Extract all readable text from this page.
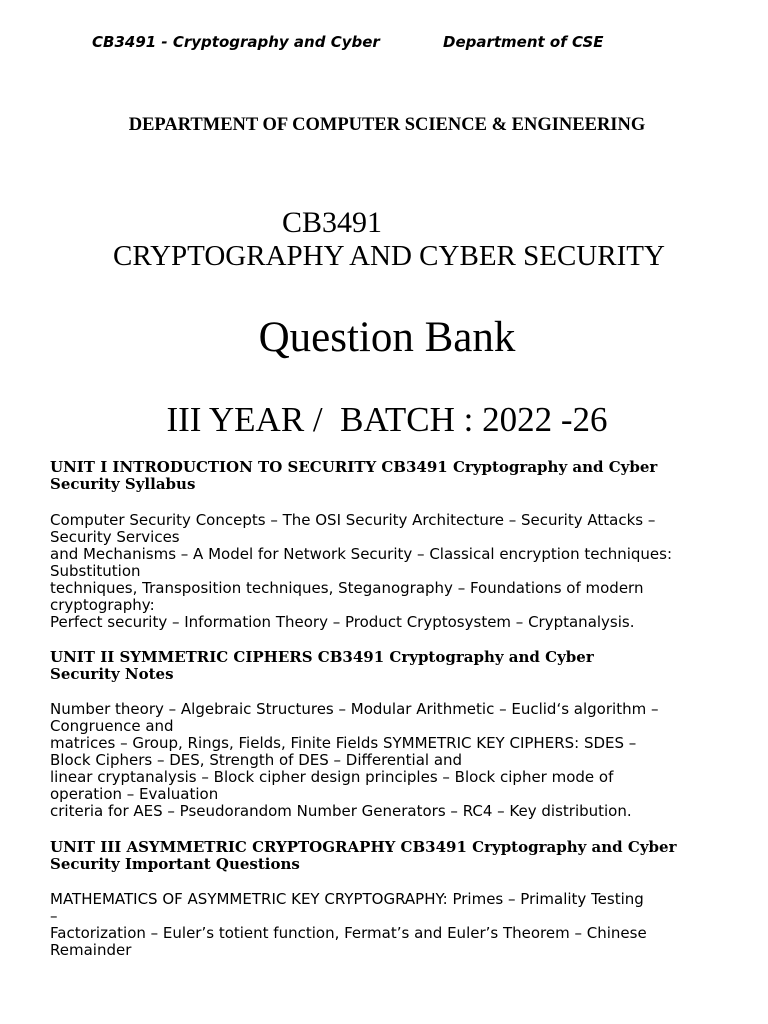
CB3491 - Cryptography and Cyber	Department of CSE
DEPARTMENT OF COMPUTER SCIENCE & ENGINEERING
CB3491
CRYPTOGRAPHY AND CYBER SECURITY
Question Bank
III YEAR /  BATCH : 2022 -26
UNIT I INTRODUCTION TO SECURITY CB3491 Cryptography and Cyber
Security Syllabus
Computer Security Concepts – The OSI Security Architecture – Security Attacks –
Security Services
and Mechanisms – A Model for Network Security – Classical encryption techniques:
Substitution
techniques, Transposition techniques, Steganography – Foundations of modern
cryptography:
Perfect security – Information Theory – Product Cryptosystem – Cryptanalysis.
UNIT II SYMMETRIC CIPHERS CB3491 Cryptography and Cyber
Security Notes
Number theory – Algebraic Structures – Modular Arithmetic – Euclid‘s algorithm –
Congruence and
matrices – Group, Rings, Fields, Finite Fields SYMMETRIC KEY CIPHERS: SDES –
Block Ciphers – DES, Strength of DES – Differential and
linear cryptanalysis – Block cipher design principles – Block cipher mode of
operation – Evaluation
criteria for AES – Pseudorandom Number Generators – RC4 – Key distribution.
UNIT III ASYMMETRIC CRYPTOGRAPHY CB3491 Cryptography and Cyber
Security Important Questions
MATHEMATICS OF ASYMMETRIC KEY CRYPTOGRAPHY: Primes – Primality Testing
–
Factorization – Euler’s totient function, Fermat’s and Euler’s Theorem – Chinese
Remainder
